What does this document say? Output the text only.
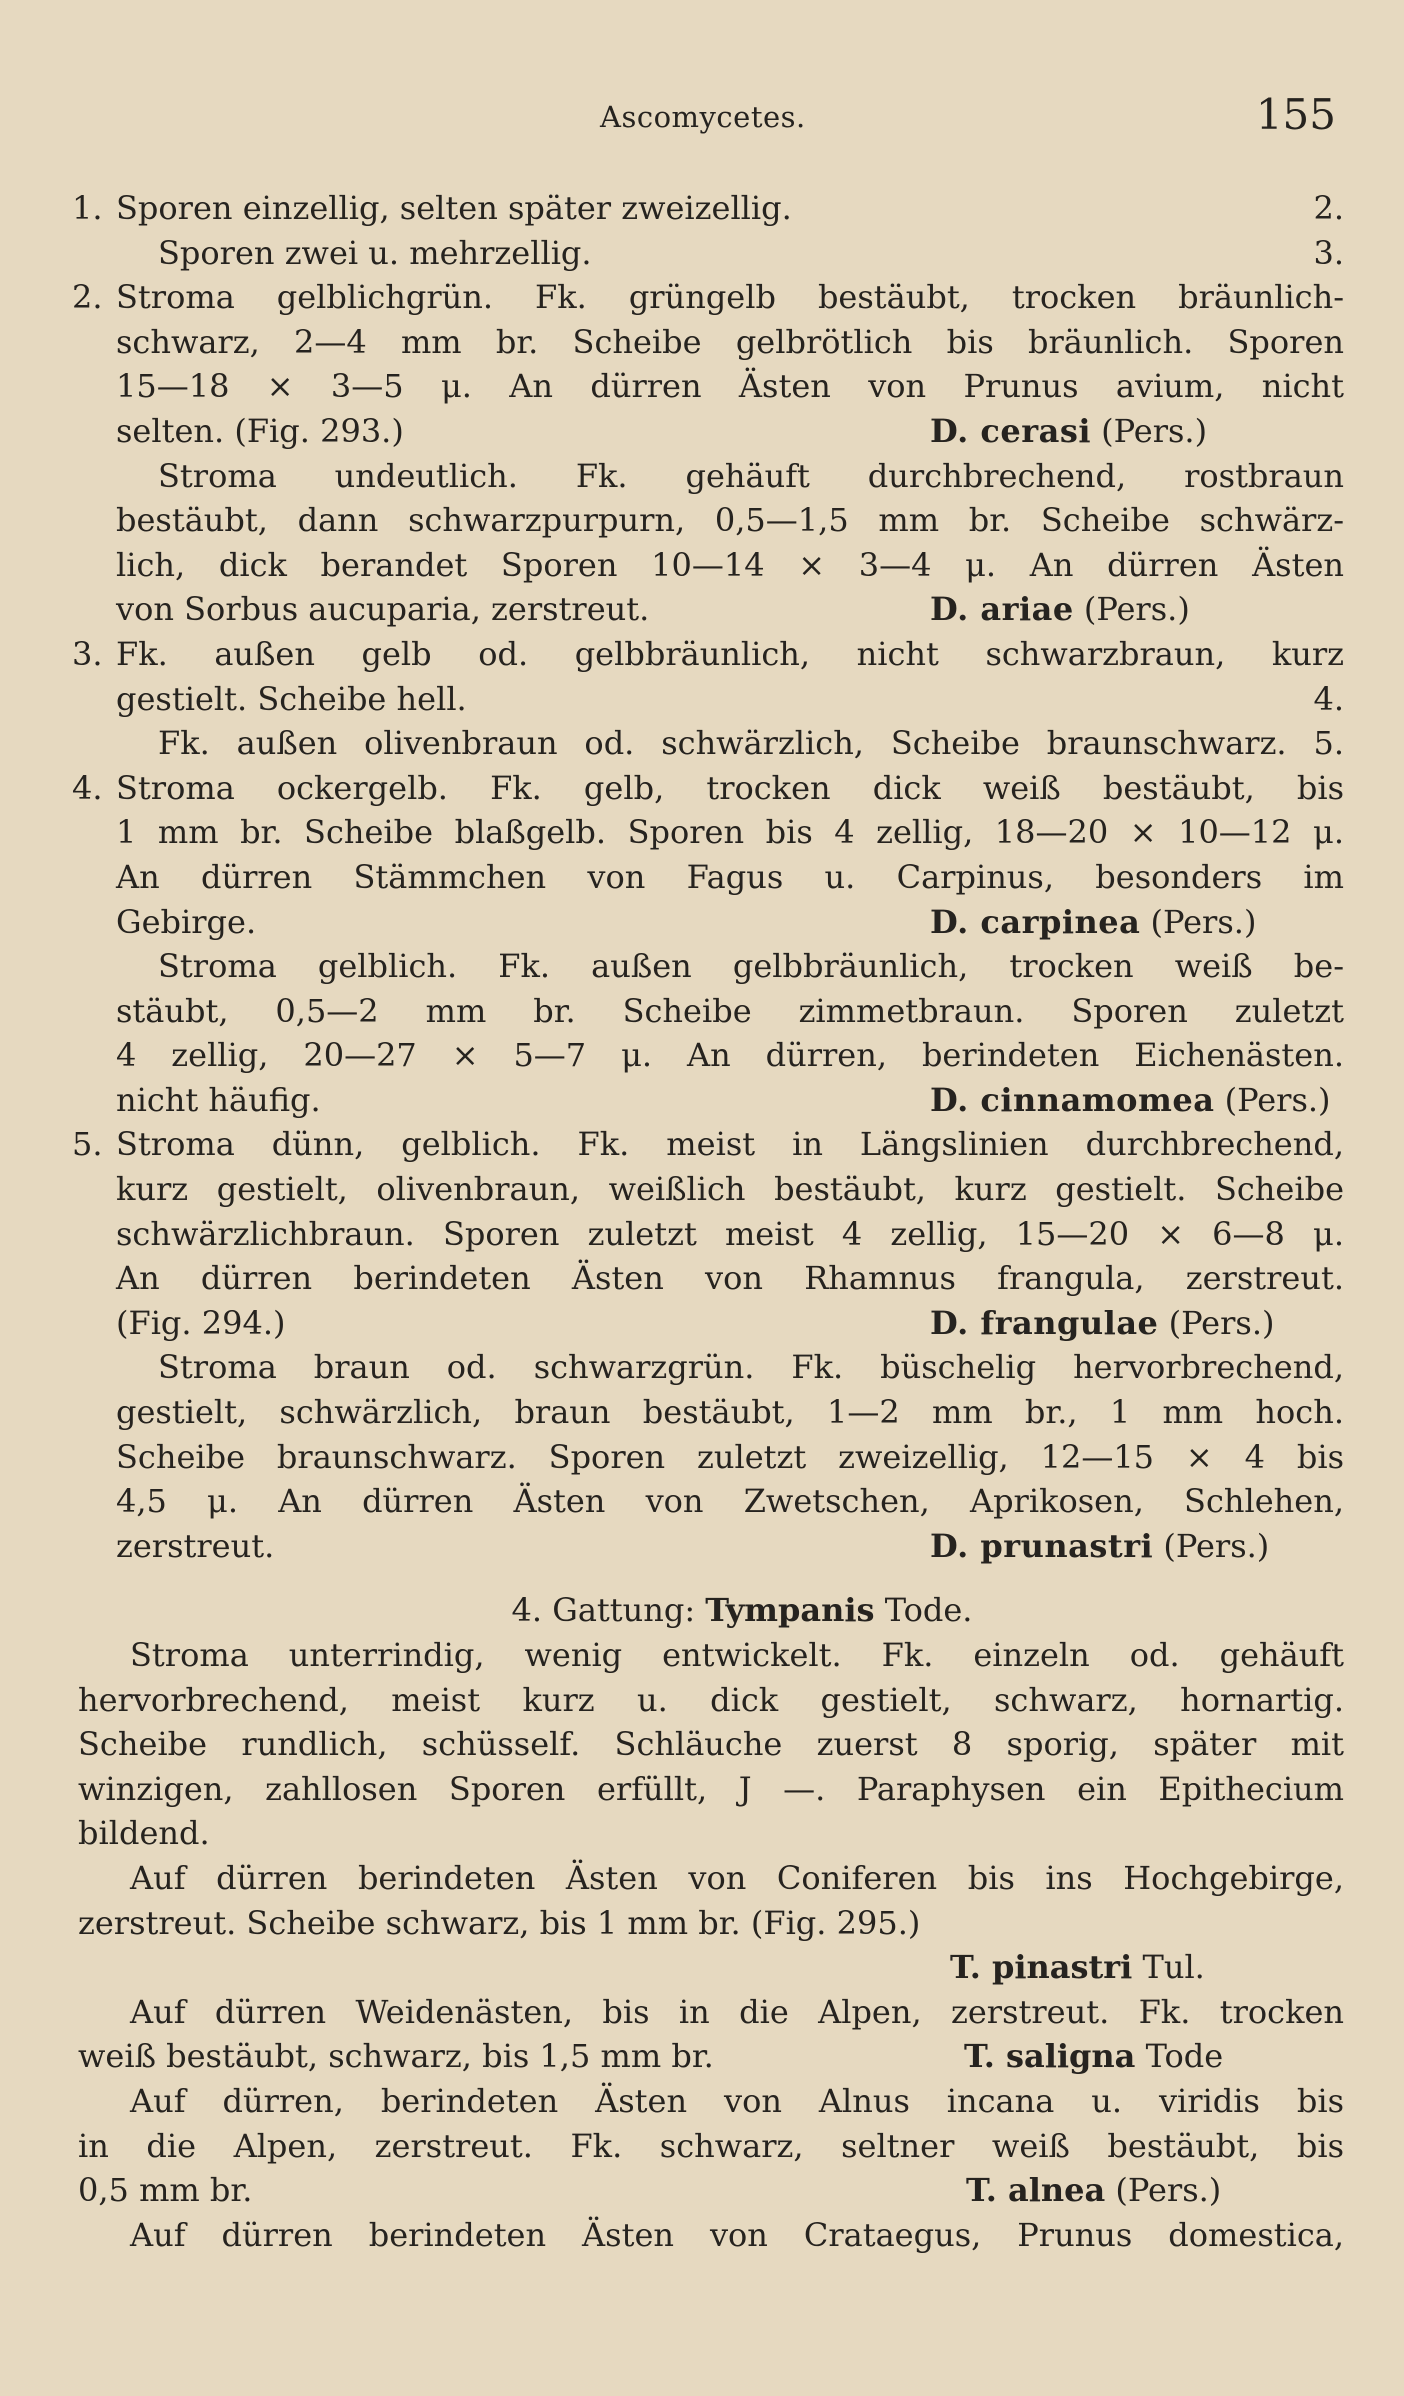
Ascomycetes.	155
1. Sporen einzellig, selten später zweizellig.	2.
Sporen zwei u. mehrzellig.	3.
2. Stroma gelblichgrün. Fk. grüngelb bestäubt, trocken bräunlich-
schwarz, 2—4 mm br. Scheibe gelbrötlich bis bräunlich. Sporen
15—18 × 3—5 μ. An dürren Ästen von Prunus avium, nicht
selten. (Fig. 293.)	D. cerasi (Pers.)
Stroma undeutlich. Fk. gehäuft durchbrechend, rostbraun
bestäubt, dann schwarzpurpurn, 0,5—1,5 mm br. Scheibe schwärz-
lich, dick berandet Sporen 10—14 × 3—4 μ. An dürren Ästen
von Sorbus aucuparia, zerstreut.	D. ariae (Pers.)
3. Fk. außen gelb od. gelbbräunlich, nicht schwarzbraun, kurz
gestielt. Scheibe hell.	4.
Fk. außen olivenbraun od. schwärzlich, Scheibe braunschwarz. 5.
4. Stroma ockergelb. Fk. gelb, trocken dick weiß bestäubt, bis
1 mm br. Scheibe blaßgelb. Sporen bis 4 zellig, 18—20 × 10—12 μ.
An dürren Stämmchen von Fagus u. Carpinus, besonders im
Gebirge.	D. carpinea (Pers.)
Stroma gelblich. Fk. außen gelbbräunlich, trocken weiß be-
stäubt, 0,5—2 mm br. Scheibe zimmetbraun. Sporen zuletzt
4 zellig, 20—27 × 5—7 μ. An dürren, berindeten Eichenästen.
nicht häufig.	D. cinnamomea (Pers.)
5. Stroma dünn, gelblich. Fk. meist in Längslinien durchbrechend,
kurz gestielt, olivenbraun, weißlich bestäubt, kurz gestielt. Scheibe
schwärzlichbraun. Sporen zuletzt meist 4 zellig, 15—20 × 6—8 μ.
An dürren berindeten Ästen von Rhamnus frangula, zerstreut.
(Fig. 294.)	D. frangulae (Pers.)
Stroma braun od. schwarzgrün. Fk. büschelig hervorbrechend,
gestielt, schwärzlich, braun bestäubt, 1—2 mm br., 1 mm hoch.
Scheibe braunschwarz. Sporen zuletzt zweizellig, 12—15 × 4 bis
4,5 μ. An dürren Ästen von Zwetschen, Aprikosen, Schlehen,
zerstreut.	D. prunastri (Pers.)
4. Gattung: Tympanis Tode.
Stroma unterrindig, wenig entwickelt. Fk. einzeln od. gehäuft
hervorbrechend, meist kurz u. dick gestielt, schwarz, hornartig.
Scheibe rundlich, schüsself. Schläuche zuerst 8 sporig, später mit
winzigen, zahllosen Sporen erfüllt, J —. Paraphysen ein Epithecium
bildend.
Auf dürren berindeten Ästen von Coniferen bis ins Hochgebirge,
zerstreut. Scheibe schwarz, bis 1 mm br. (Fig. 295.)
T. pinastri Tul.
Auf dürren Weidenästen, bis in die Alpen, zerstreut. Fk. trocken
weiß bestäubt, schwarz, bis 1,5 mm br.	T. saligna Tode
Auf dürren, berindeten Ästen von Alnus incana u. viridis bis
in die Alpen, zerstreut. Fk. schwarz, seltner weiß bestäubt, bis
0,5 mm br.	T. alnea (Pers.)
Auf dürren berindeten Ästen von Crataegus, Prunus domestica,
